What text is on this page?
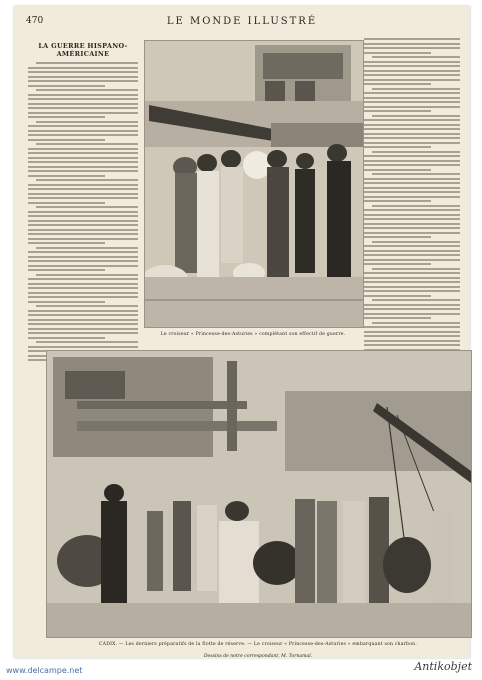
470	LE MONDE ILLUSTRÉ
LA GUERRE HISPANO-AMÉRICAINE
Le croiseur « Princesse-des-Asturies » complétant son effectif de guerre.
CADIX. — Les derniers préparatifs de la flotte de réserve. — Le croiseur « Princesse-des-Asturies » embarquant son charbon.
Dessins de notre correspondant, M. Tornamal.
www.delcampe.net	Antikobjet
